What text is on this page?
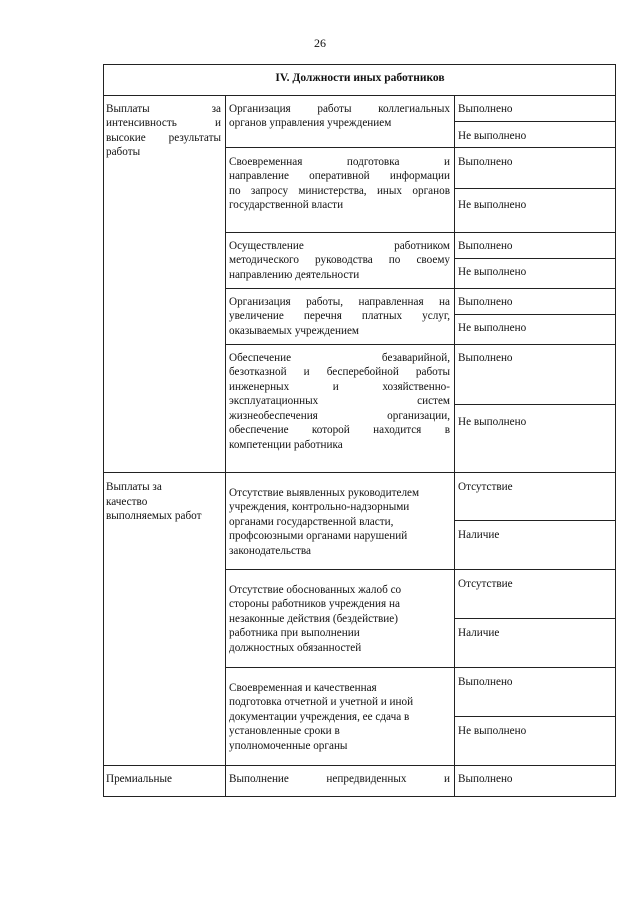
26
IV. Должности иных работников
Выплаты за
интенсивность и
высокие результаты
работы
Выплаты за
качество
выполняемых работ
Премиальные
Организация работы коллегиальных
органов управления учреждением
Своевременная подготовка и
направление оперативной информации
по запросу министерства, иных органов
государственной власти
Осуществление работником
методического руководства по своему
направлению деятельности
Организация работы, направленная на
увеличение перечня платных услуг,
оказываемых учреждением
Обеспечение безаварийной,
безотказной и бесперебойной работы
инженерных и хозяйственно-
эксплуатационных систем
жизнеобеспечения организации,
обеспечение которой находится в
компетенции работника
Отсутствие выявленных руководителем
учреждения, контрольно-надзорными
органами государственной власти,
профсоюзными органами нарушений
законодательства
Отсутствие обоснованных жалоб со
стороны работников учреждения на
незаконные действия (бездействие)
работника при выполнении
должностных обязанностей
Своевременная и качественная
подготовка отчетной и учетной и иной
документации учреждения, ее сдача в
установленные сроки в
уполномоченные органы
Выполнение непредвиденных и
Выполнено
Не выполнено
Выполнено
Не выполнено
Выполнено
Не выполнено
Выполнено
Не выполнено
Выполнено
Не выполнено
Отсутствие
Наличие
Отсутствие
Наличие
Выполнено
Не выполнено
Выполнено
